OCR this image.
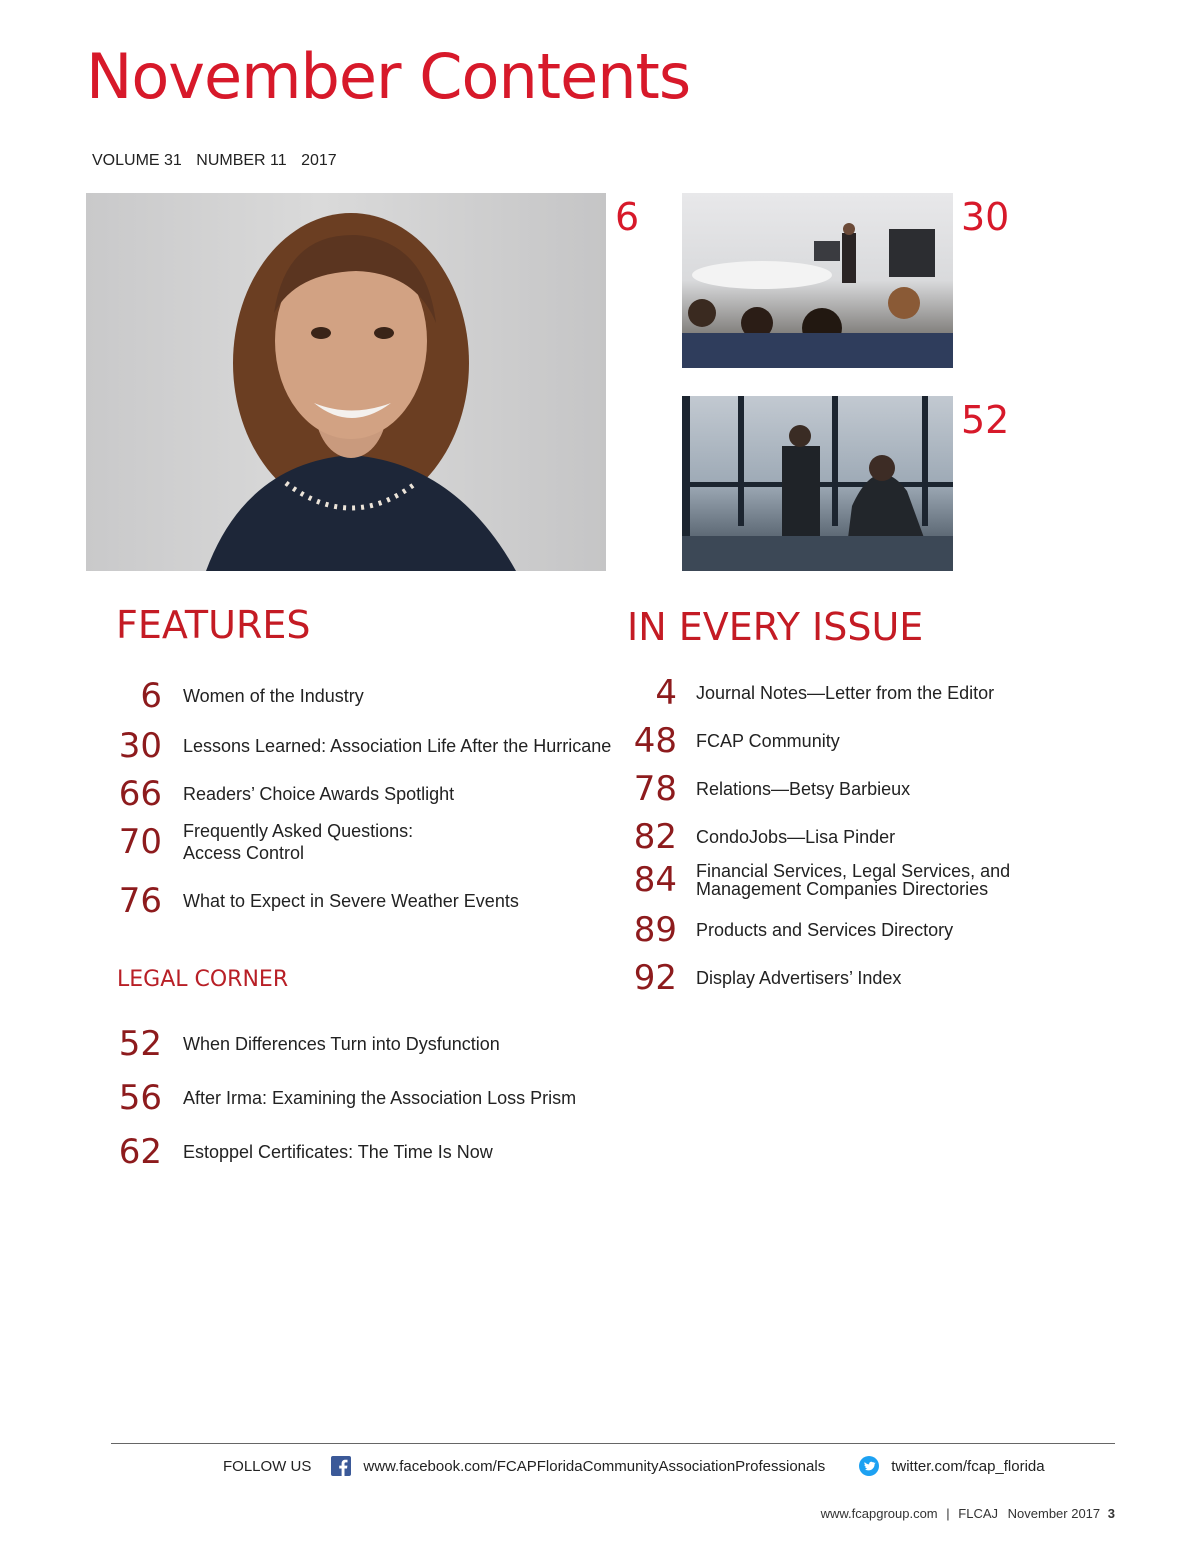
November Contents
VOLUME 31 NUMBER 11 2017
6	30
52
FEATURES
6 Women of the Industry
30 Lessons Learned: Association Life After the Hurricane
66 Readers’ Choice Awards Spotlight
70 Frequently Asked Questions:
Access Control
76 What to Expect in Severe Weather Events
LEGAL CORNER
52 When Differences Turn into Dysfunction
56 After Irma: Examining the Association Loss Prism
62 Estoppel Certificates: The Time Is Now
IN EVERY ISSUE
4 Journal Notes—Letter from the Editor
48 FCAP Community
78 Relations—Betsy Barbieux
82 CondoJobs—Lisa Pinder
84 Financial Services, Legal Services, and
Management Companies Directories
89 Products and Services Directory
92 Display Advertisers’ Index
FOLLOW US	www.facebook.com/FCAPFloridaCommunityAssociationProfessionals	twitter.com/fcap_florida
www.fcapgroup.com | FLCAJ November 2017 3
